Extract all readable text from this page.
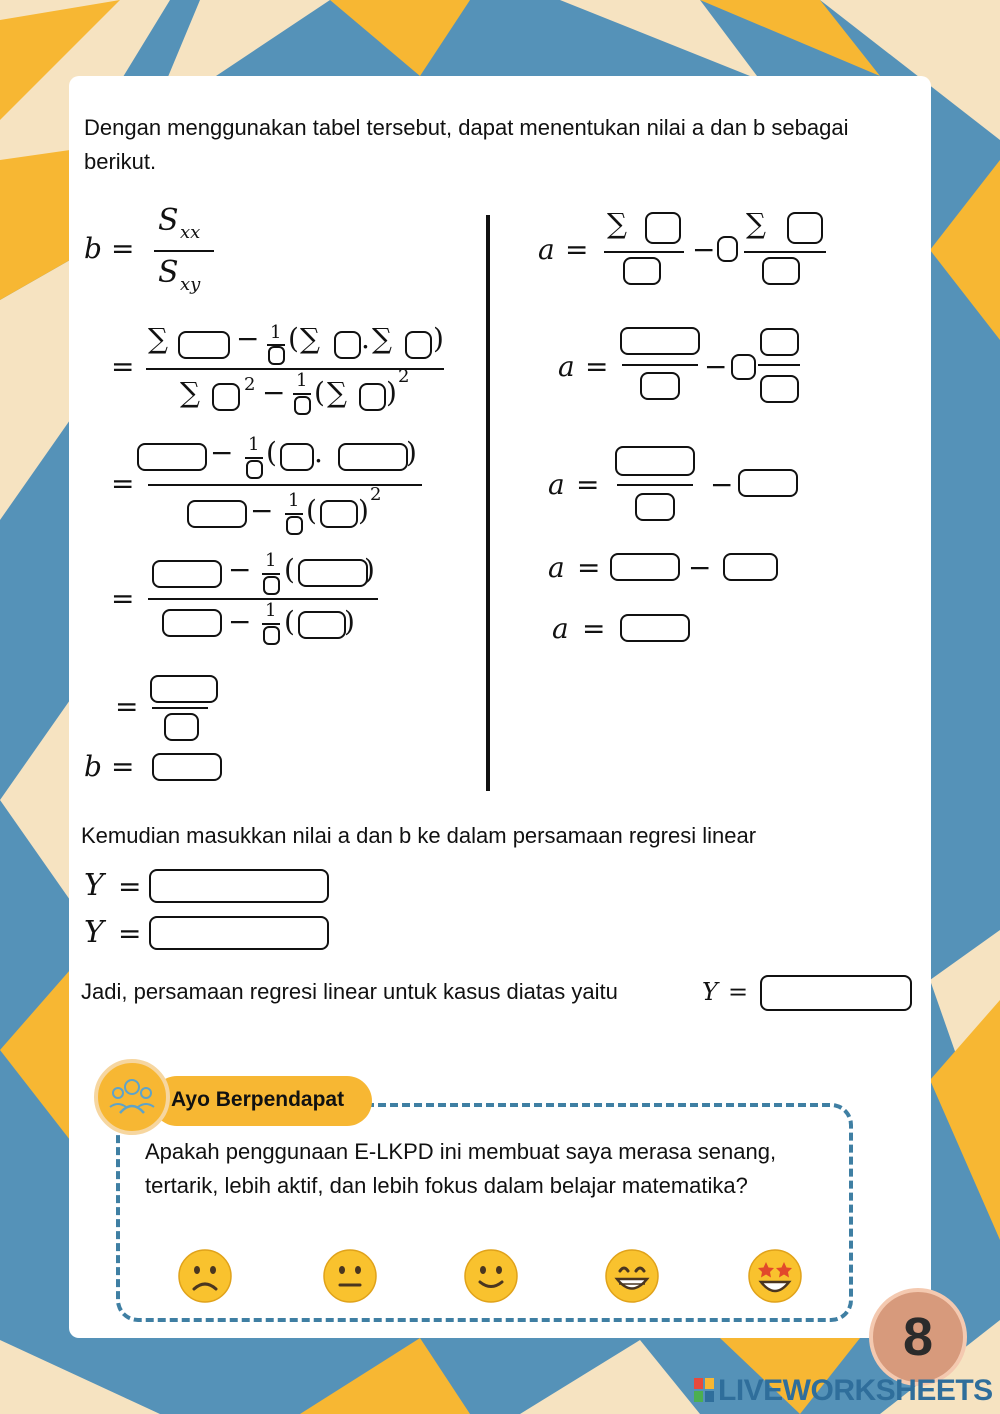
Dengan menggunakan tabel tersebut, dapat menentukan nilai a dan b sebagai berikut.
b =
S xx
S xy
=
∑ − 1 ( ∑ . ∑ )
∑ 2 − 1 ( ∑ ) 2
=
− 1 ( .	)
− 1 ( ) 2
=
− 1 ( )
− 1 ( )
=
b =
a =
∑
−
∑
a =	−
a =	−
a =	−
a =
Kemudian masukkan nilai a dan b ke dalam persamaan regresi linear
Y =
Y =
Jadi, persamaan regresi linear untuk kasus diatas yaitu	Y =
Ayo Berpendapat
Apakah penggunaan E-LKPD ini membuat saya merasa senang, tertarik, lebih aktif, dan lebih fokus dalam belajar matematika?
8
LIVEWORKSHEETS
